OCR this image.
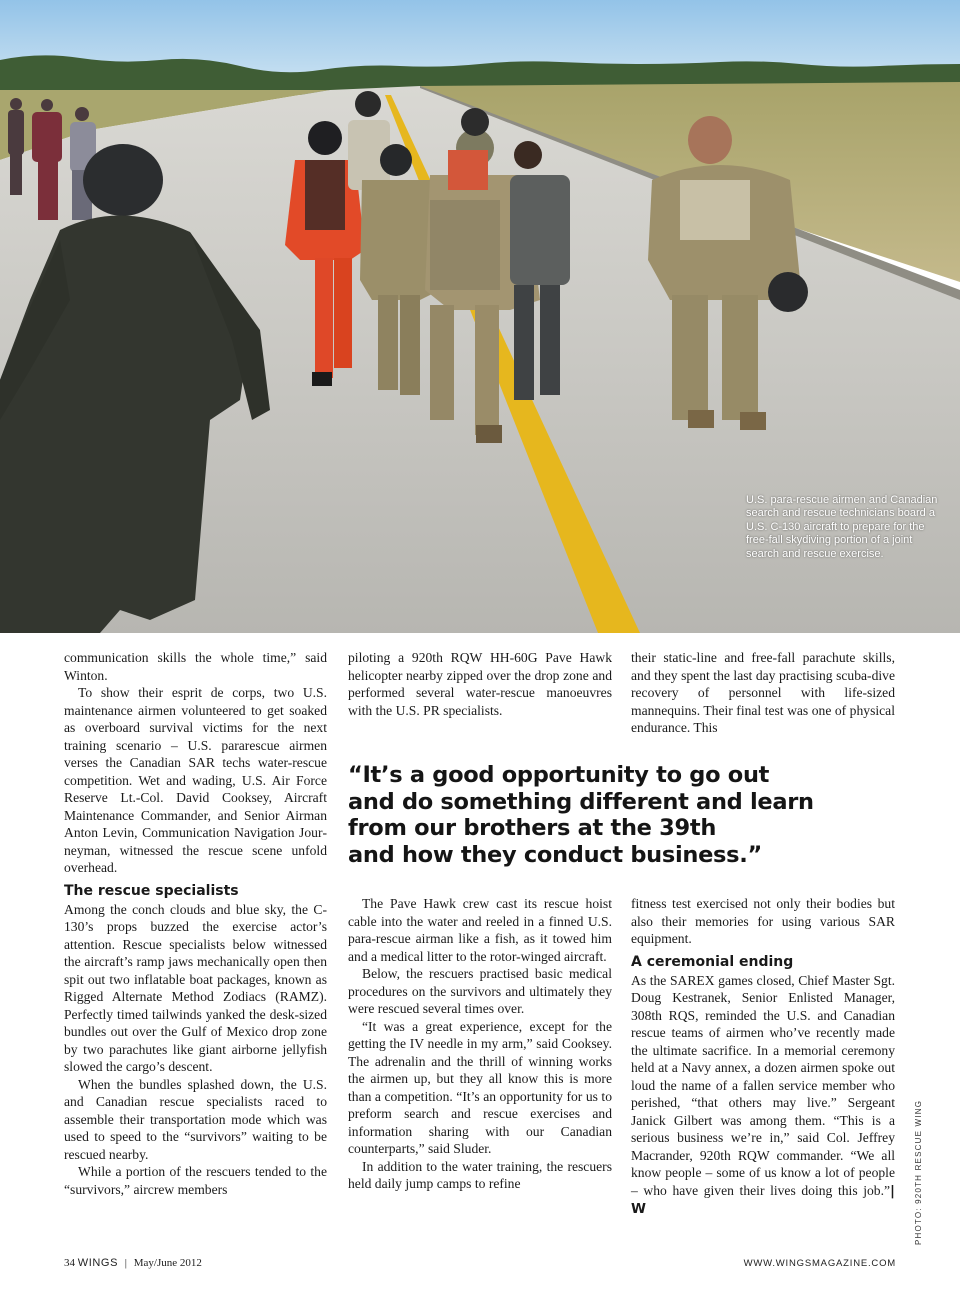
U.S. para-rescue airmen and Canadian search and rescue technicians board a U.S. C-130 aircraft to prepare for the free-fall skydiving portion of a joint search and rescue exercise.

communication skills the whole time,” said Winton.

To show their esprit de corps, two U.S. maintenance airmen volunteered to get soaked as overboard survival victims for the next training scenario – U.S. pararescue airmen verses the Canadian SAR techs water-rescue competition. Wet and wading, U.S. Air Force Reserve Lt.-Col. David Cooksey, Aircraft Maintenance Commander, and Senior Airman Anton Levin, Communication Navigation Journeyman, witnessed the rescue scene unfold overhead.

The rescue specialists

Among the conch clouds and blue sky, the C-130’s props buzzed the exercise actor’s attention. Rescue specialists below witnessed the aircraft’s ramp jaws mechanically open then spit out two inflatable boat packages, known as Rigged Alternate Method Zodiacs (RAMZ). Perfectly timed tailwinds yanked the desk-sized bundles out over the Gulf of Mexico drop zone by two parachutes like giant airborne jellyfish slowed the cargo’s descent.

When the bundles splashed down, the U.S. and Canadian rescue specialists raced to assemble their transportation mode which was used to speed to the “survivors” waiting to be rescued nearby.

While a portion of the rescuers tended to the “survivors,” aircrew members

piloting a 920th RQW HH-60G Pave Hawk helicopter nearby zipped over the drop zone and performed several water-rescue manoeuvres with the U.S. PR specialists.

their static-line and free-fall parachute skills, and they spent the last day practising scuba-dive recovery of personnel with life-sized mannequins. Their final test was one of physical endurance. This

“It’s a good opportunity to go out
and do something different and learn
from our brothers at the 39th
and how they conduct business.”

The Pave Hawk crew cast its rescue hoist cable into the water and reeled in a finned U.S. para-rescue airman like a fish, as it towed him and a medical litter to the rotor-winged aircraft.

Below, the rescuers practised basic medical procedures on the survivors and ultimately they were rescued several times over.

“It was a great experience, except for the getting the IV needle in my arm,” said Cooksey. The adrenalin and the thrill of winning works the airmen up, but they all know this is more than a competition. “It’s an opportunity for us to preform search and rescue exercises and information sharing with our Canadian counterparts,” said Sluder.

In addition to the water training, the rescuers held daily jump camps to refine

fitness test exercised not only their bodies but also their memories for using various SAR equipment.

A ceremonial ending

As the SAREX games closed, Chief Master Sgt. Doug Kestranek, Senior Enlisted Manager, 308th RQS, reminded the U.S. and Canadian rescue teams of airmen who’ve recently made the ultimate sacrifice. In a memorial ceremony held at a Navy annex, a dozen airmen spoke out loud the name of a fallen service member who perished, “that others may live.” Sergeant Janick Gilbert was among them. “This is a serious business we’re in,” said Col. Jeffrey Macrander, 920th RQW commander. “We all know people – some of us know a lot of people – who have given their lives doing this job.”| W	PHOTO: 920TH RESCUE WING
34 WINGS | May/June 2012	WWW.WINGSMAGAZINE.COM
